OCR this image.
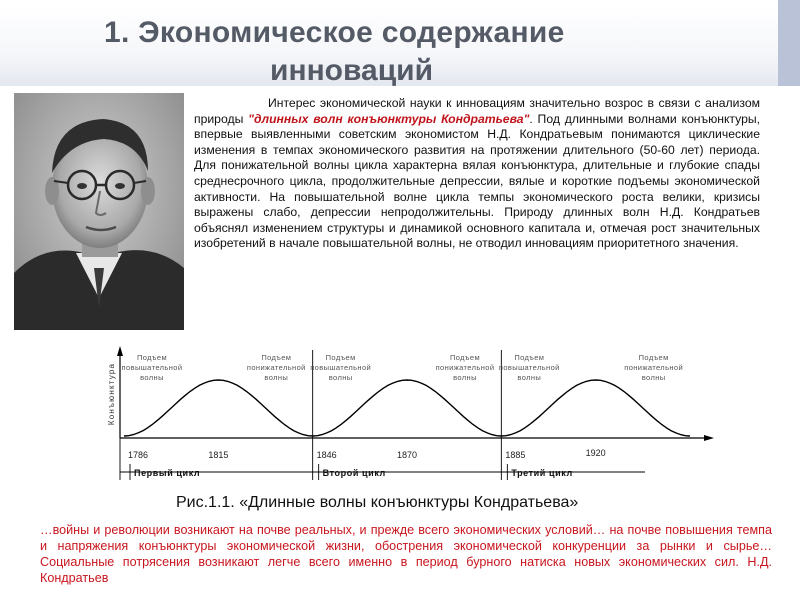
1. Экономическое содержание
инноваций
Интерес экономической науки к инновациям значительно возрос в связи с анализом природы "длинных волн конъюнктуры Кондратьева". Под длинными волнами конъюнктуры, впервые выявленными советским экономистом Н.Д. Кондратьевым понимаются циклические изменения в темпах экономического развития на протяжении длительного (50-60 лет) периода. Для понижательной волны цикла характерна вялая конъюнктура, длительные и глубокие спады среднесрочного цикла, продолжительные депрессии, вялые и короткие подъемы экономической активности. На повышательной волне цикла темпы экономического роста велики, кризисы выражены слабо, депрессии непродолжительны. Природу длинных волн Н.Д. Кондратьев объяснял изменением структуры и динамикой основного капитала и, отмечая рост значительных изобретений в начале повышательной волны, не отводил инновациям приоритетного значения.
Конъюнктура
1786	1815	1846	1870	1885	1920
Первый цикл	Второй цикл	Третий цикл
Подъем
повышательной
волны
Подъем
понижательной
волны
Подъем
повышательной
волны
Подъем
понижательной
волны
Подъем
повышательной
волны
Подъем
понижательной
волны
Рис.1.1. «Длинные волны конъюнктуры Кондратьева»
…войны и революции возникают на почве реальных, и прежде всего экономических условий… на почве повышения темпа и напряжения конъюнктуры экономической жизни, обострения экономической конкуренции за рынки и сырье… Социальные потрясения возникают легче всего именно в период бурного натиска новых экономических сил. Н.Д. Кондратьев
